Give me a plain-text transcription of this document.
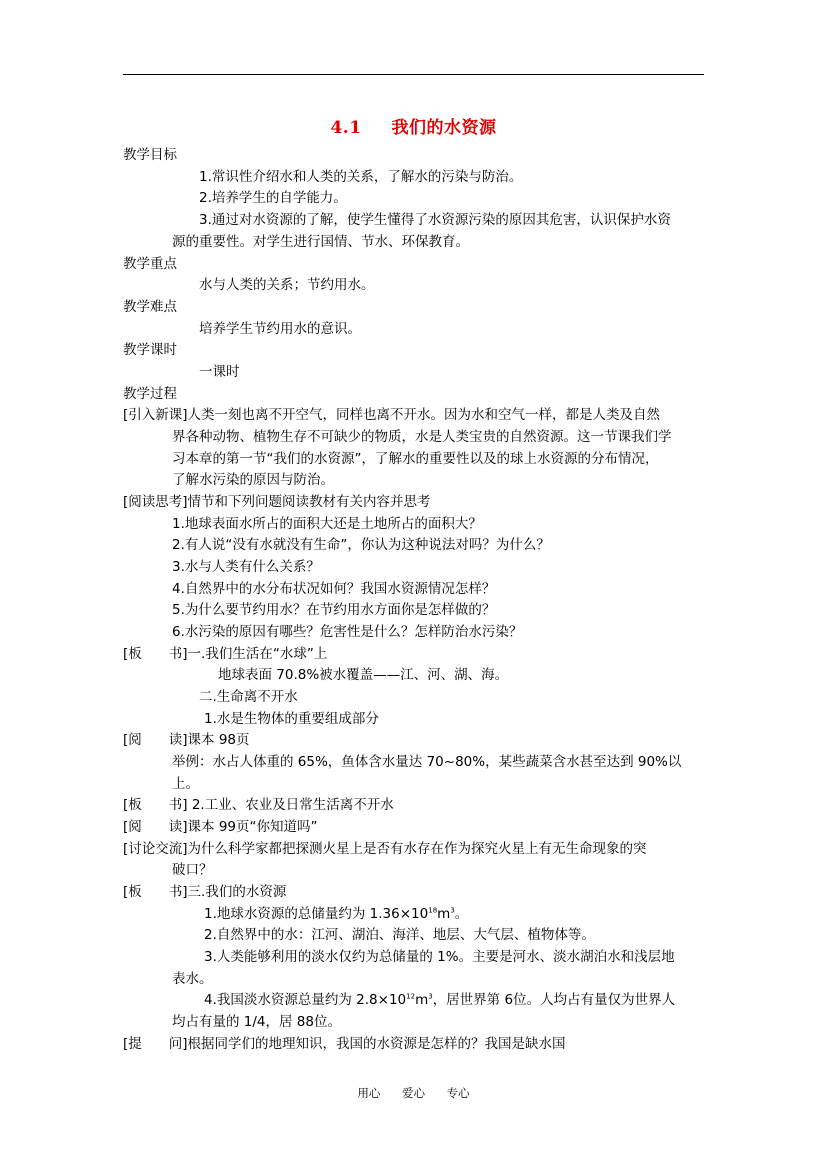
4.1 我们的水资源
教学目标
1.常识性介绍水和人类的关系，了解水的污染与防治。
2.培养学生的自学能力。
3.通过对水资源的了解，使学生懂得了水资源污染的原因其危害，认识保护水资
源的重要性。对学生进行国情、节水、环保教育。
教学重点
水与人类的关系；节约用水。
教学难点
培养学生节约用水的意识。
教学课时
一课时
教学过程
[引入新课]人类一刻也离不开空气，同样也离不开水。因为水和空气一样，都是人类及自然
界各种动物、植物生存不可缺少的物质，水是人类宝贵的自然资源。这一节课我们学
习本章的第一节“我们的水资源”，了解水的重要性以及的球上水资源的分布情况，
了解水污染的原因与防治。
[阅读思考]情节和下列问题阅读教材有关内容并思考
1.地球表面水所占的面积大还是土地所占的面积大？
2.有人说“没有水就没有生命”，你认为这种说法对吗？为什么？
3.水与人类有什么关系？
4.自然界中的水分布状况如何？我国水资源情况怎样？
5.为什么要节约用水？在节约用水方面你是怎样做的？
6.水污染的原因有哪些？危害性是什么？怎样防治水污染？
[板　　书]一.我们生活在“水球”上
地球表面 70.8%被水覆盖——江、河、湖、海。
二.生命离不开水
1.水是生物体的重要组成部分
[阅　　读]课本 98页
举例：水占人体重的 65%，鱼体含水量达 70~80%，某些蔬菜含水甚至达到 90%以
上。
[板　　书] 2.工业、农业及日常生活离不开水
[阅　　读]课本 99页“你知道吗”
[讨论交流]为什么科学家都把探测火星上是否有水存在作为探究火星上有无生命现象的突
破口？
[板　　书]三.我们的水资源
1.地球水资源的总储量约为 $1.36\times 10^{18}m^3$。
2.自然界中的水：江河、湖泊、海洋、地层、大气层、植物体等。
3.人类能够利用的淡水仅约为总储量的 1%。主要是河水、淡水湖泊水和浅层地
表水。
4.我国淡水资源总量约为 $2.8\times 10^{12}m^3$，居世界第 6位。人均占有量仅为世界人
均占有量的 1/4，居 88位。
[提　　问]根据同学们的地理知识，我国的水资源是怎样的？我国是缺水国
用心 爱心 专心
